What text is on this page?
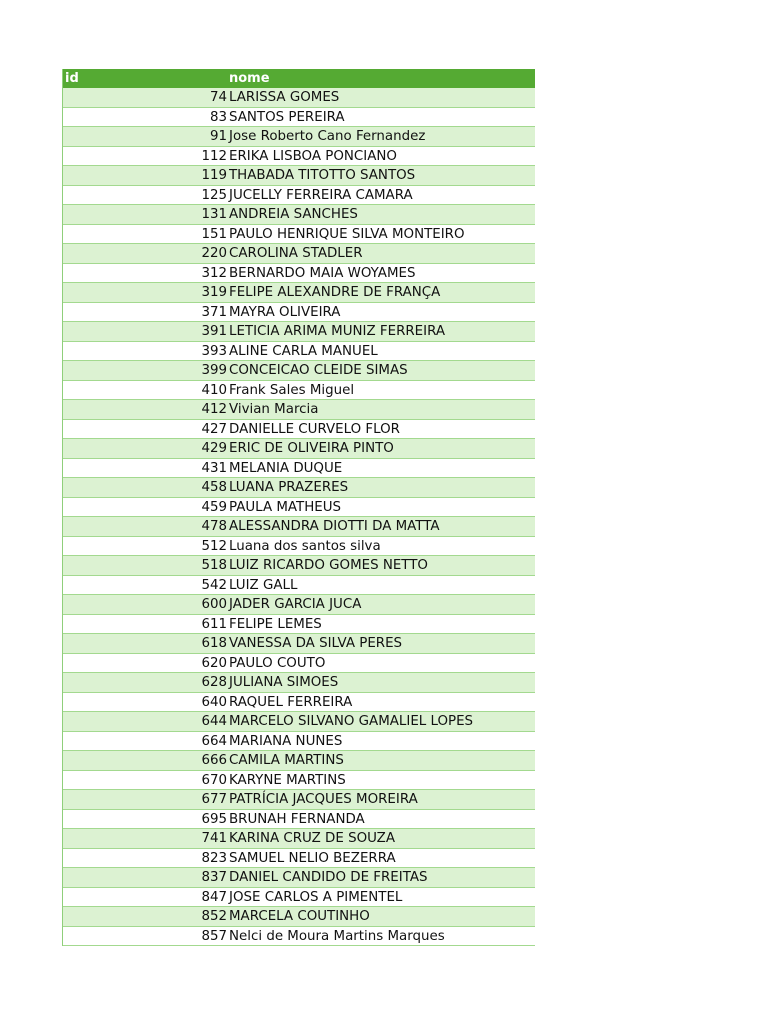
id	nome
74 LARISSA GOMES
83 SANTOS PEREIRA
91 Jose Roberto Cano Fernandez
112 ERIKA LISBOA PONCIANO
119 THABADA TITOTTO SANTOS
125 JUCELLY FERREIRA CAMARA
131 ANDREIA SANCHES
151 PAULO HENRIQUE SILVA MONTEIRO
220 CAROLINA STADLER
312 BERNARDO MAIA WOYAMES
319 FELIPE ALEXANDRE DE FRANÇA
371 MAYRA OLIVEIRA
391 LETICIA ARIMA MUNIZ FERREIRA
393 ALINE CARLA MANUEL
399 CONCEICAO CLEIDE SIMAS
410 Frank Sales Miguel
412 Vivian Marcia
427 DANIELLE CURVELO FLOR
429 ERIC DE OLIVEIRA PINTO
431 MELANIA DUQUE
458 LUANA PRAZERES
459 PAULA MATHEUS
478 ALESSANDRA DIOTTI DA MATTA
512 Luana dos santos silva
518 LUIZ RICARDO GOMES NETTO
542 LUIZ GALL
600 JADER GARCIA JUCA
611 FELIPE LEMES
618 VANESSA DA SILVA PERES
620 PAULO COUTO
628 JULIANA SIMOES
640 RAQUEL FERREIRA
644 MARCELO SILVANO GAMALIEL LOPES
664 MARIANA NUNES
666 CAMILA MARTINS
670 KARYNE MARTINS
677 PATRÍCIA JACQUES MOREIRA
695 BRUNAH FERNANDA
741 KARINA CRUZ DE SOUZA
823 SAMUEL NELIO BEZERRA
837 DANIEL CANDIDO DE FREITAS
847 JOSE CARLOS A PIMENTEL
852 MARCELA COUTINHO
857 Nelci de Moura Martins Marques
